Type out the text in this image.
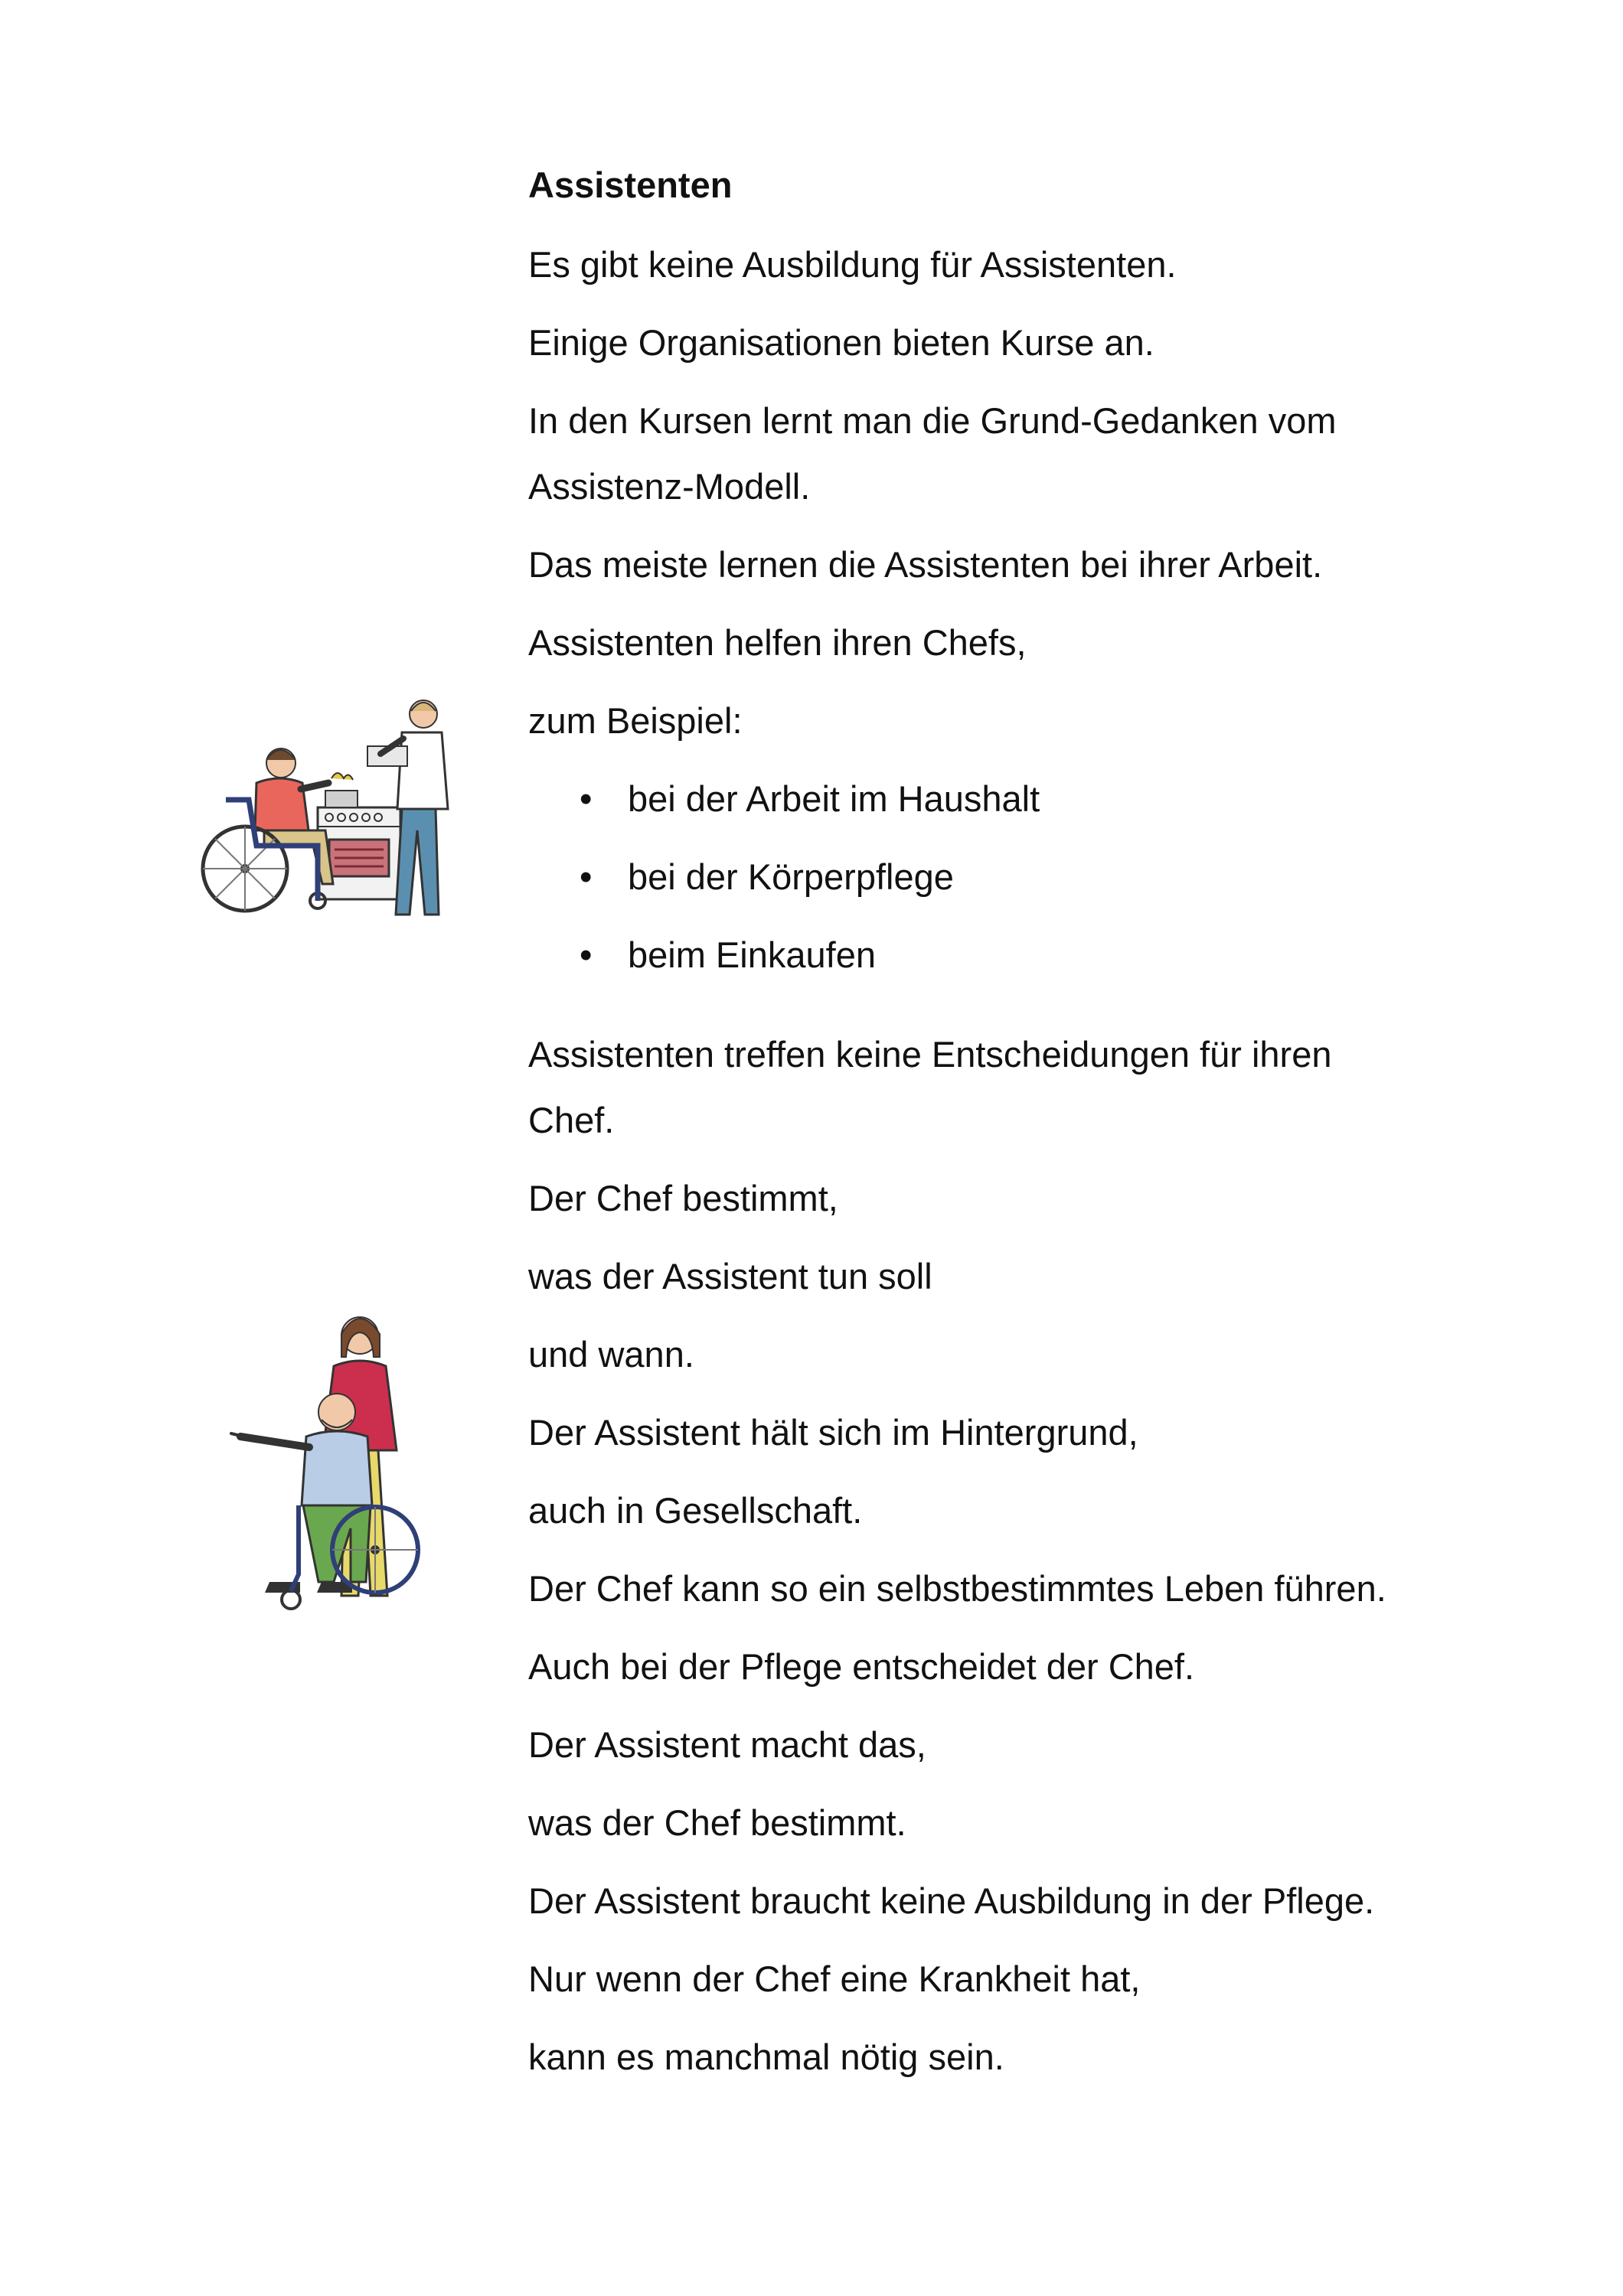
Assistenten

Es gibt keine Ausbildung für Assistenten.

Einige Organisationen bieten Kurse an.

In den Kursen lernt man die Grund-Gedanken vom

Assistenz-Modell.

Das meiste lernen die Assistenten bei ihrer Arbeit.

Assistenten helfen ihren Chefs,

zum Beispiel:

• bei der Arbeit im Haushalt
• bei der Körperpflege
• beim Einkaufen

Assistenten treffen keine Entscheidungen für ihren

Chef.

Der Chef bestimmt,

was der Assistent tun soll

und wann.

Der Assistent hält sich im Hintergrund,

auch in Gesellschaft.

Der Chef kann so ein selbstbestimmtes Leben führen.

Auch bei der Pflege entscheidet der Chef.

Der Assistent macht das,

was der Chef bestimmt.

Der Assistent braucht keine Ausbildung in der Pflege.

Nur wenn der Chef eine Krankheit hat,

kann es manchmal nötig sein.
